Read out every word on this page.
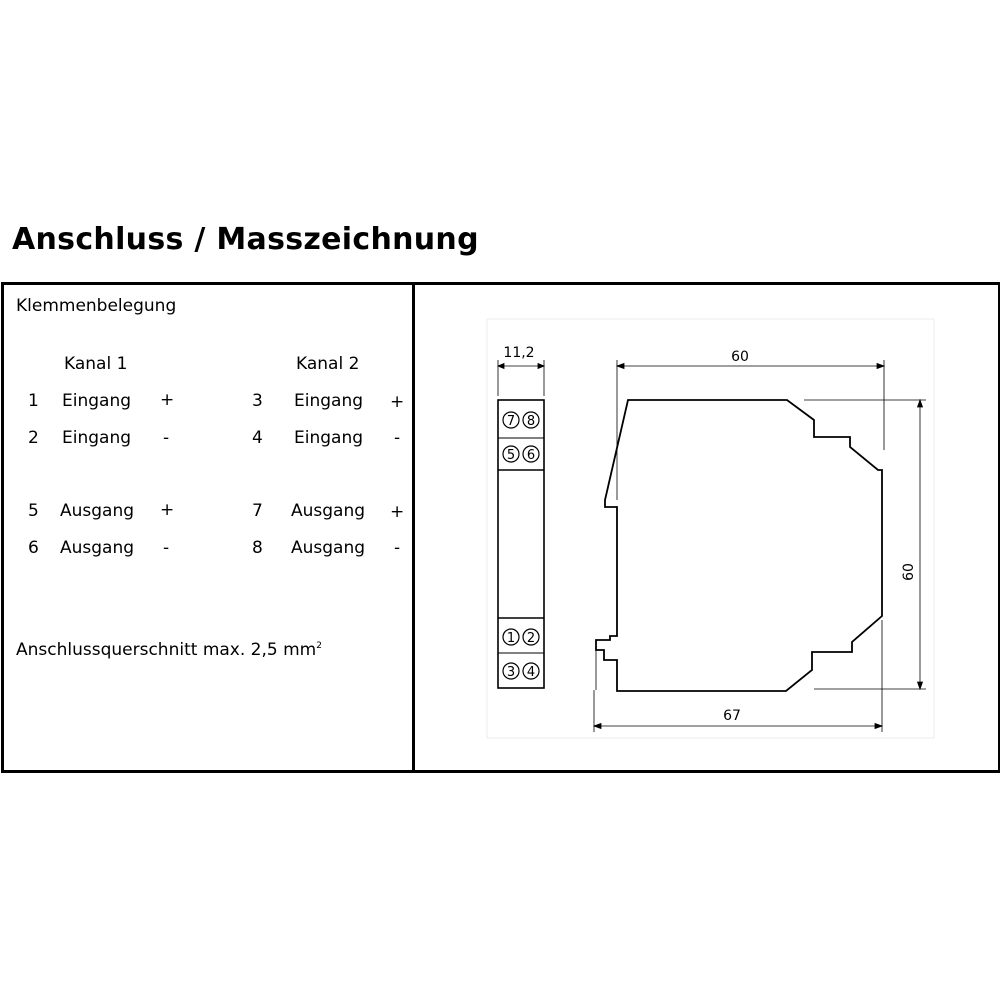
Anschluss / Masszeichnung
Klemmenbelegung
Kanal 1	Kanal 2
1 Eingang +	3 Eingang +
2 Eingang -	4 Eingang -
5 Ausgang +	7 Ausgang +
6 Ausgang -	8 Ausgang -
Anschlussquerschnitt max. 2,5 $mm^2$
7 8
5 6
1 2
3 4
11,2	60
60
67
